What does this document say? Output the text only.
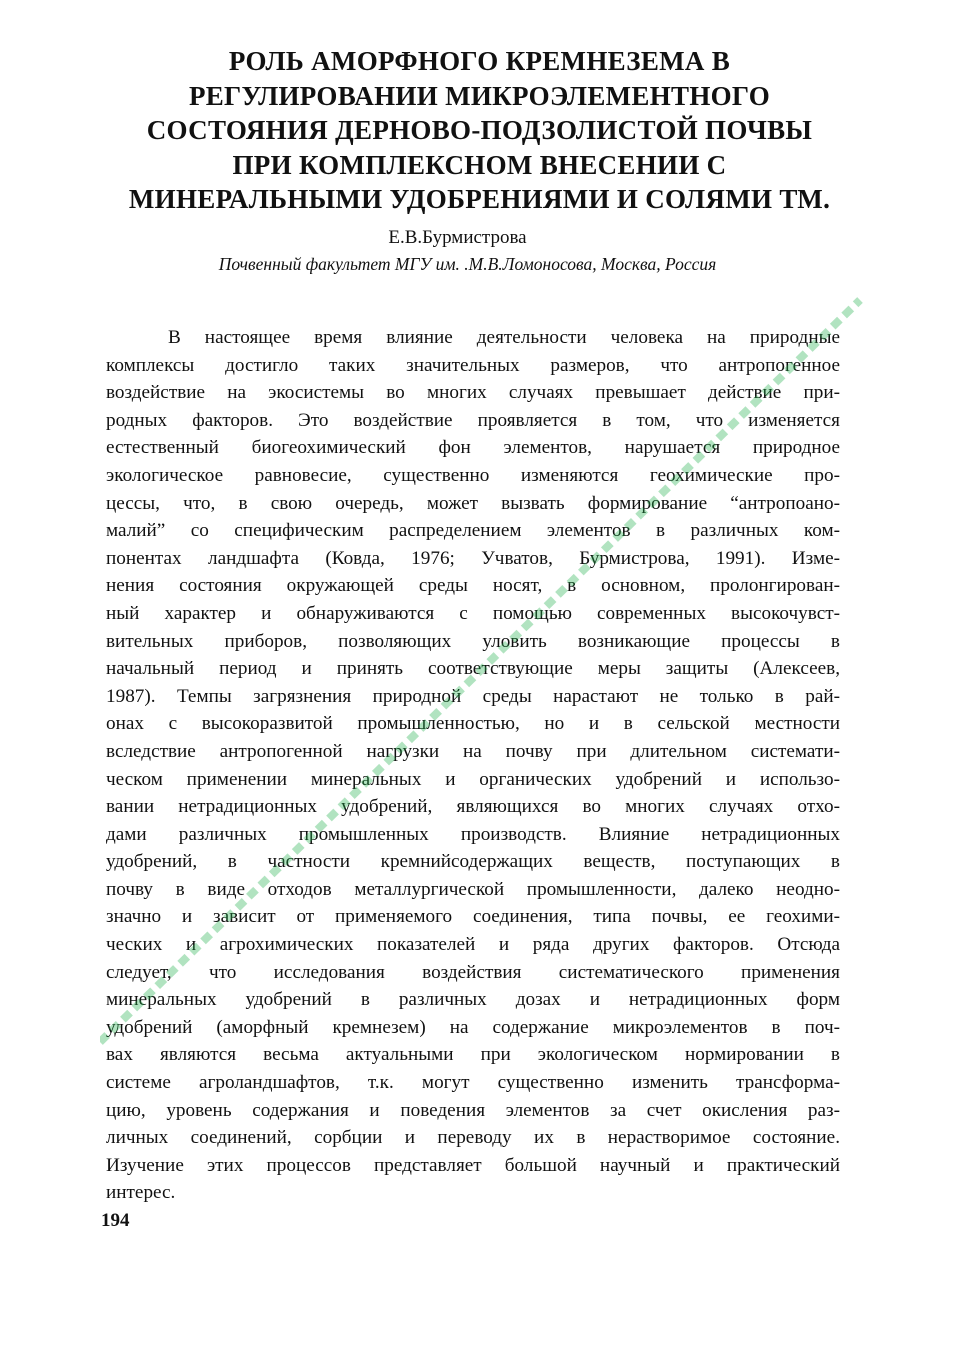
РОЛЬ АМОРФНОГО КРЕМНЕЗЕМА В
РЕГУЛИРОВАНИИ МИКРОЭЛЕМЕНТНОГО
СОСТОЯНИЯ ДЕРНОВО-ПОДЗОЛИСТОЙ ПОЧВЫ
ПРИ КОМПЛЕКСНОМ ВНЕСЕНИИ С
МИНЕРАЛЬНЫМИ УДОБРЕНИЯМИ И СОЛЯМИ ТМ.
Е.В.Бурмистрова
Почвенный факультет МГУ им. .М.В.Ломоносова, Москва, Россия
В настоящее время влияние деятельности человека на природные
комплексы достигло таких значительных размеров, что антропогенное
воздействие на экосистемы во многих случаях превышает действие при-
родных факторов. Это воздействие проявляется в том, что изменяется
естественный биогеохимический фон элементов, нарушается природное
экологическое равновесие, существенно изменяются геохимические про-
цессы, что, в свою очередь, может вызвать формирование “антропоано-
малий” со специфическим распределением элементов в различных ком-
понентах ландшафта (Ковда, 1976; Учватов, Бурмистрова, 1991). Изме-
нения состояния окружающей среды носят, в основном, пролонгирован-
ный характер и обнаруживаются с помощью современных высокочувст-
вительных приборов, позволяющих уловить возникающие процессы в
начальный период и принять соответствующие меры защиты (Алексеев,
1987). Темпы загрязнения природной среды нарастают не только в рай-
онах с высокоразвитой промышленностью, но и в сельской местности
вследствие антропогенной нагрузки на почву при длительном системати-
ческом применении минеральных и органических удобрений и использо-
вании нетрадиционных удобрений, являющихся во многих случаях отхо-
дами различных промышленных производств. Влияние нетрадиционных
удобрений, в частности кремнийсодержащих веществ, поступающих в
почву в виде отходов металлургической промышленности, далеко неодно-
значно и зависит от применяемого соединения, типа почвы, ее геохими-
ческих и агрохимических показателей и ряда других факторов. Отсюда
следует, что исследования воздействия систематического применения
минеральных удобрений в различных дозах и нетрадиционных форм
удобрений (аморфный кремнезем) на содержание микроэлементов в поч-
вах являются весьма актуальными при экологическом нормировании в
системе агроландшафтов, т.к. могут существенно изменить трансформа-
цию, уровень содержания и поведения элементов за счет окисления раз-
личных соединений, сорбции и переводу их в нерастворимое состояние.
Изучение этих процессов представляет большой научный и практический
интерес.
194
